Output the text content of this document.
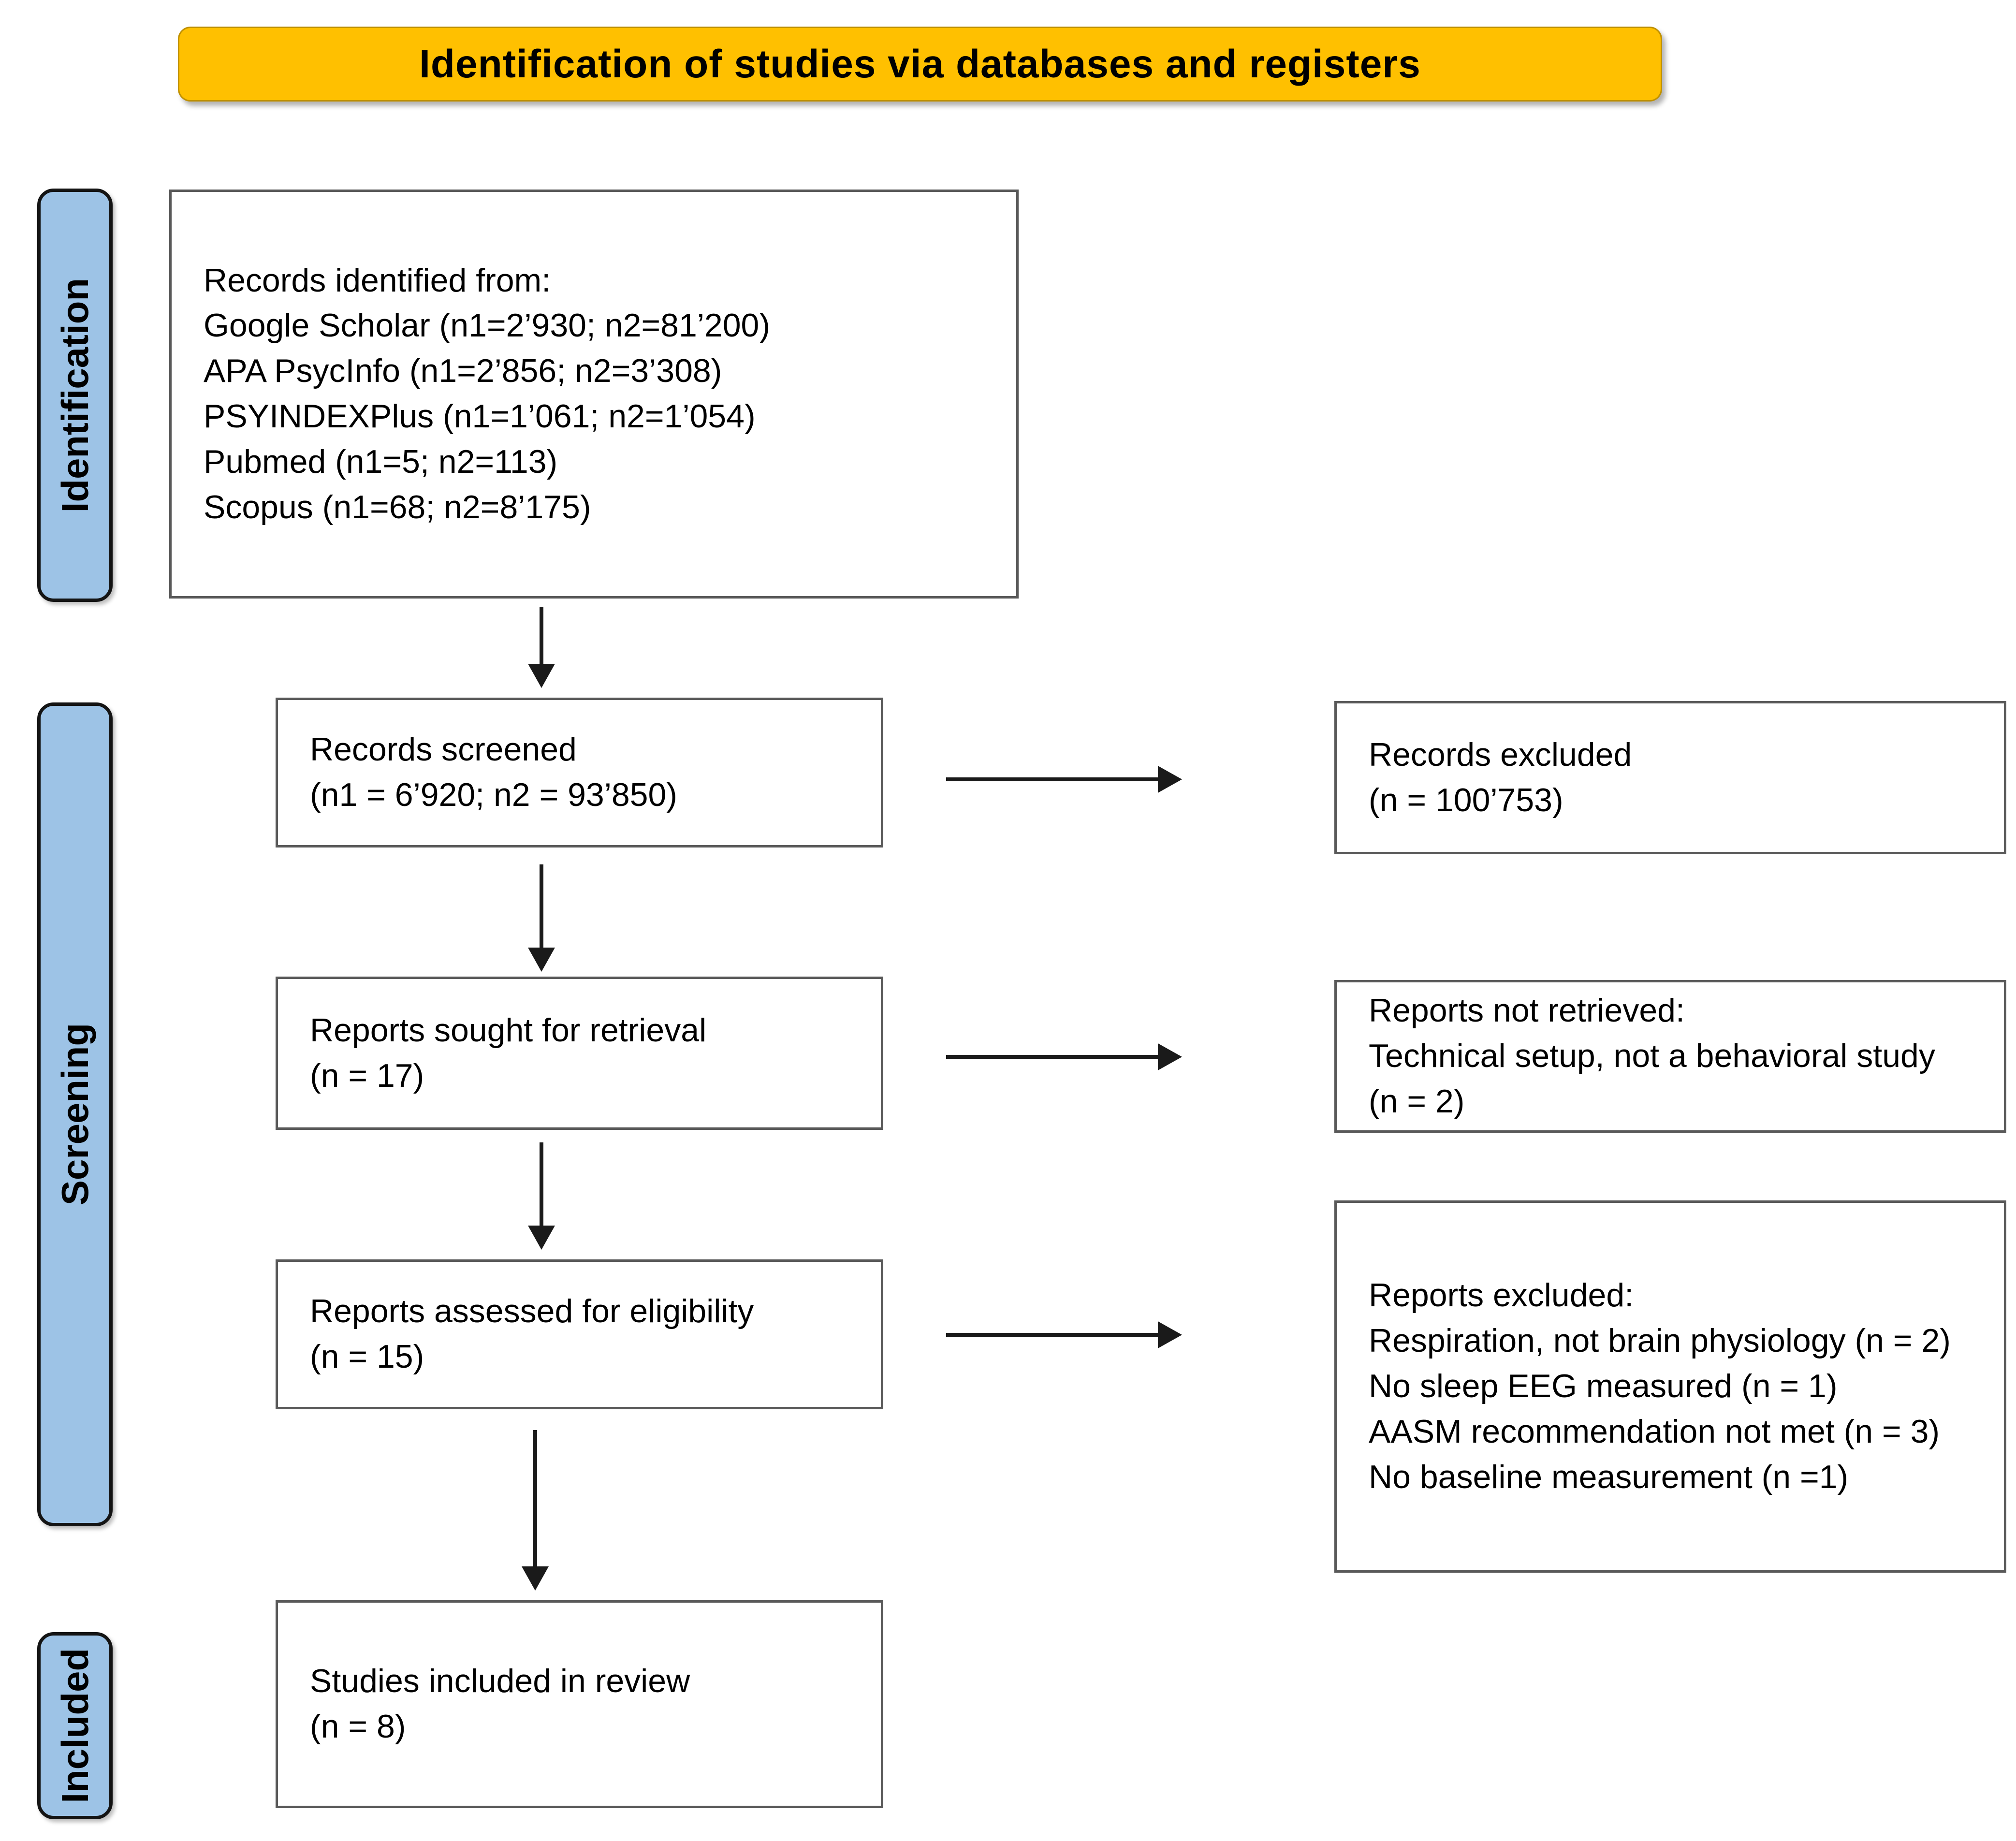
Identification of studies via databases and registers
Identification
Screening
Included
Records identified from:
Google Scholar (n1=2’930; n2=81’200)
APA PsycInfo (n1=2’856; n2=3’308)
PSYINDEXPlus (n1=1’061; n2=1’054)
Pubmed (n1=5; n2=113)
Scopus (n1=68; n2=8’175)
Records screened
(n1 = 6’920; n2 = 93’850)
Reports sought for retrieval
(n = 17)
Reports assessed for eligibility
(n = 15)
Studies included in review
(n = 8)
Records excluded
(n = 100’753)
Reports not retrieved:
Technical setup, not a behavioral study
(n = 2)
Reports excluded:
Respiration, not brain physiology (n = 2)
No sleep EEG measured (n = 1)
AASM recommendation not met (n = 3)
No baseline measurement (n =1)
